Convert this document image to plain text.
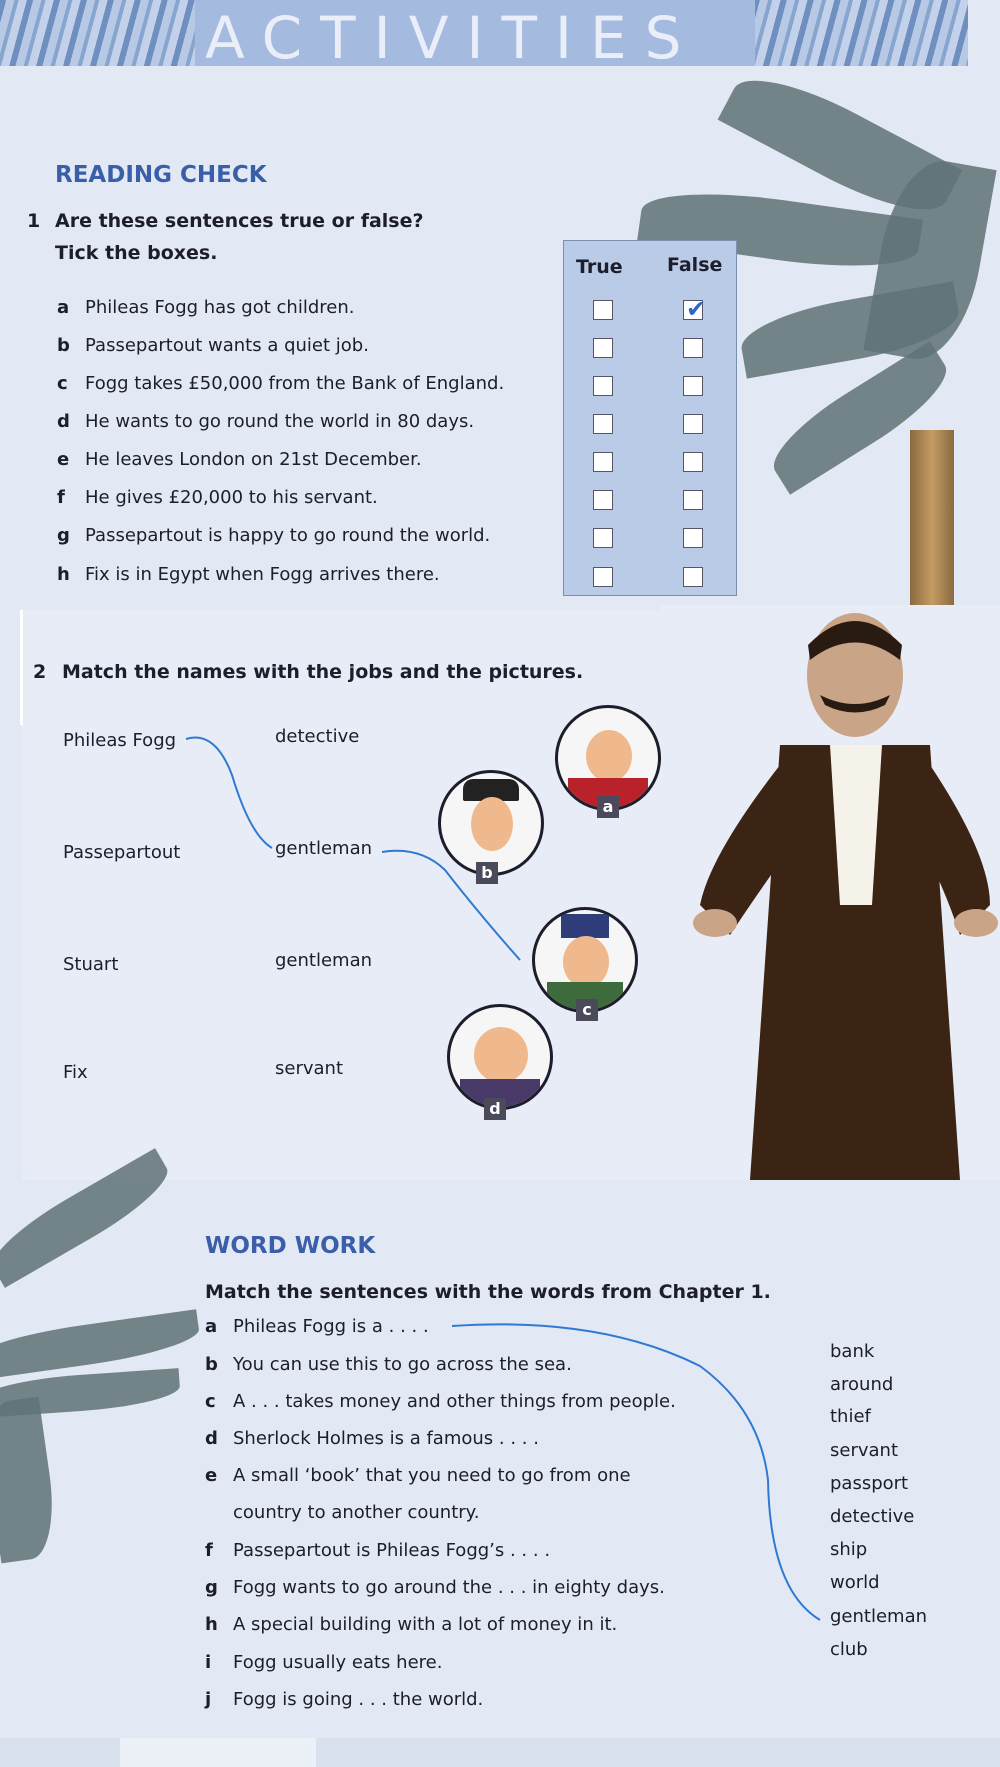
ACTIVITIES
READING CHECK
1 Are these sentences true or false?
Tick the boxes.
True False
a Phileas Fogg has got children.	✔
b Passepartout wants a quiet job.
c Fogg takes £50,000 from the Bank of England.
d He wants to go round the world in 80 days.
e He leaves London on 21st December.
f He gives £20,000 to his servant.
g Passepartout is happy to go round the world.
h Fix is in Egypt when Fogg arrives there.
2 Match the names with the jobs and the pictures.
Phileas Fogg
Passepartout
Stuart
Fix
detective
gentleman
gentleman
servant
a
b
c
d
WORD WORK
Match the sentences with the words from Chapter 1.
a Phileas Fogg is a . . . .
b You can use this to go across the sea.
c A . . . takes money and other things from people.
d Sherlock Holmes is a famous . . . .
e A small ‘book’ that you need to go from one
country to another country.
f Passepartout is Phileas Fogg’s . . . .
g Fogg wants to go around the . . . in eighty days.
h A special building with a lot of money in it.
i Fogg usually eats here.
j Fogg is going . . . the world.
bank
around
thief
servant
passport
detective
ship
world
gentleman
club
